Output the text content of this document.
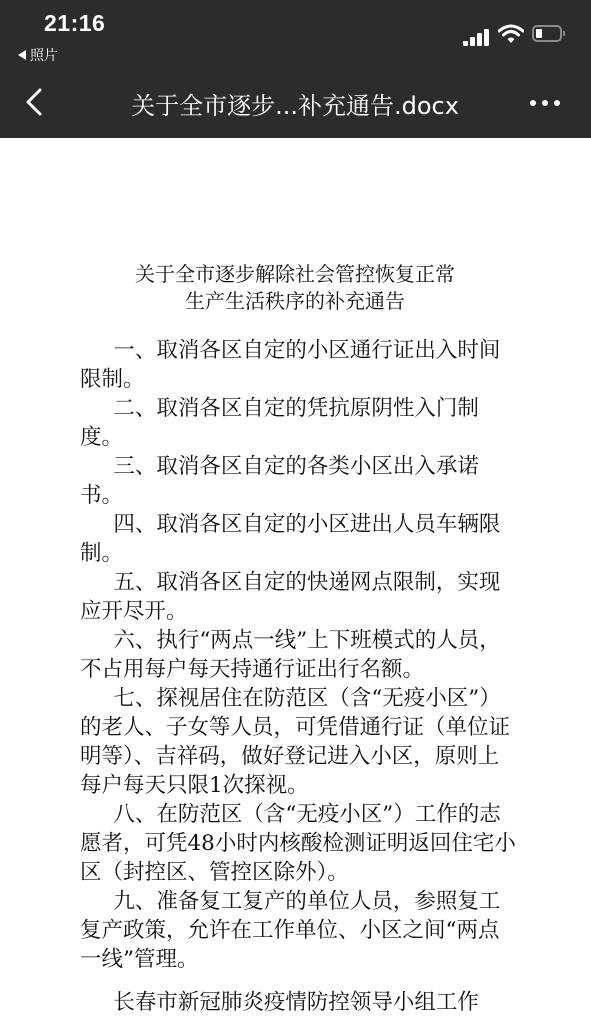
21:16
照片
关于全市逐步...补充通告.docx
关于全市逐步解除社会管控恢复正常
生产生活秩序的补充通告

一、取消各区自定的小区通行证出入时间限制。

二、取消各区自定的凭抗原阴性入门制度。

三、取消各区自定的各类小区出入承诺书。

四、取消各区自定的小区进出人员车辆限制。

五、取消各区自定的快递网点限制，实现应开尽开。

六、执行“两点一线”上下班模式的人员，不占用每户每天持通行证出行名额。

七、探视居住在防范区（含“无疫小区”）的老人、子女等人员，可凭借通行证（单位证明等）、吉祥码，做好登记进入小区，原则上每户每天只限1次探视。

八、在防范区（含“无疫小区”）工作的志愿者，可凭48小时内核酸检测证明返回住宅小区（封控区、管控区除外）。

九、准备复工复产的单位人员，参照复工复产政策，允许在工作单位、小区之间“两点一线”管理。

长春市新冠肺炎疫情防控领导小组工作
